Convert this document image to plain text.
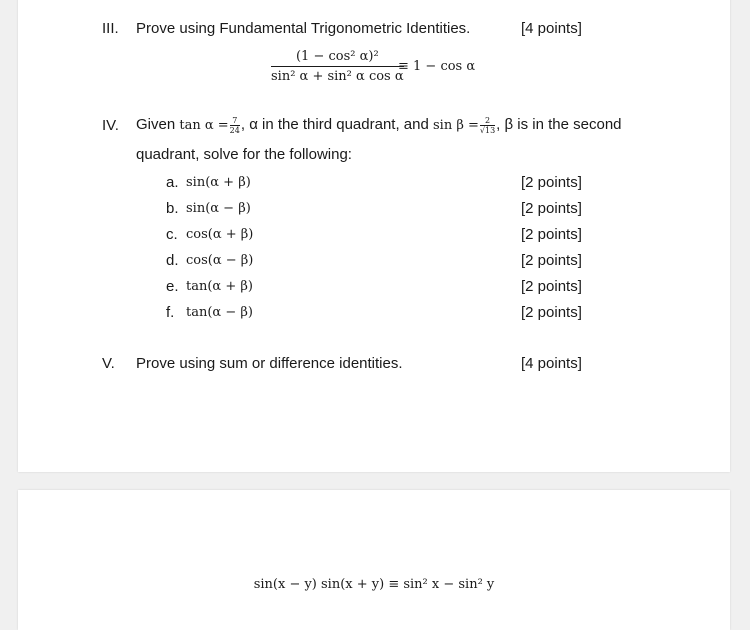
III. Prove using Fundamental Trigonometric Identities.	[4 points]
$\frac{\text{(1 − cos² α)²}}{\text{sin² α + sin² α cos α}}$
≡ 1 − cos α
IV. Given $\tan \alpha = \frac{7}{24}$ , α in the third quadrant, and $\sin \beta = \frac{2}{√13}$ , β is in the second
quadrant, solve for the following:
a. sin(α + β)	[2 points]
b. sin(α − β)	[2 points]
c. cos(α + β)	[2 points]
d. cos(α − β)	[2 points]
e. tan(α + β)	[2 points]
f. tan(α − β)	[2 points]
V. Prove using sum or difference identities.	[4 points]
sin(x − y) sin(x + y) ≡ sin² x − sin² y
